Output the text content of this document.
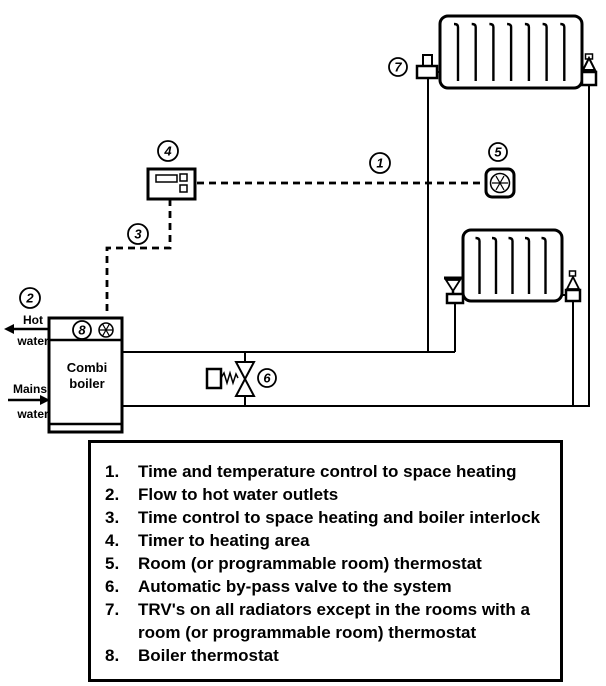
Combi
boiler
Hot
water
Mains
water
1
2
3
4	5
6
7
8
1. Time and temperature control to space heating
2. Flow to hot water outlets
3. Time control to space heating and boiler interlock
4. Timer to heating area
5. Room (or programmable room) thermostat
6. Automatic by-pass valve to the system
7. TRV's on all radiators except in the rooms with a
room (or programmable room) thermostat
8. Boiler thermostat
